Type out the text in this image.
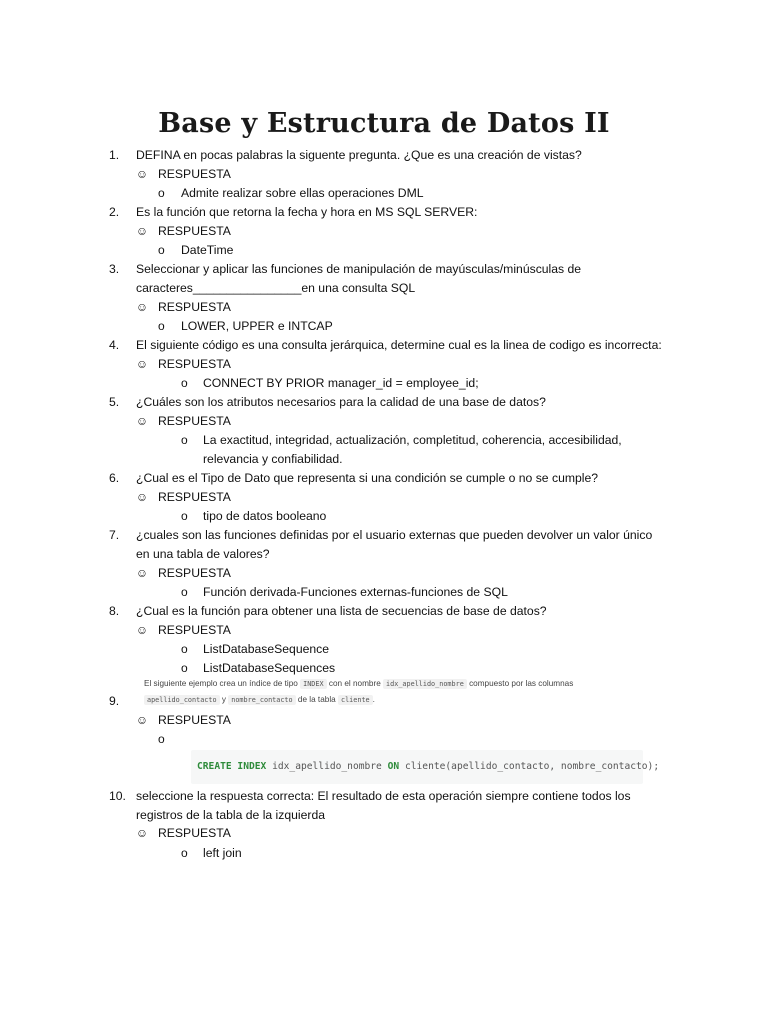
Base y Estructura de Datos II
1.	DEFINA en pocas palabras la siguente pregunta. ¿Que es una creación de vistas?
☺ RESPUESTA
o Admite realizar sobre ellas operaciones DML
2.	Es la función que retorna la fecha y hora en MS SQL SERVER:
☺ RESPUESTA
o DateTime
3.	Seleccionar y aplicar las funciones de manipulación de mayúsculas/minúsculas de
caracteres________________en una consulta SQL
☺ RESPUESTA
o LOWER, UPPER e INTCAP
4.	El siguiente código es una consulta jerárquica, determine cual es la linea de codigo es incorrecta:
☺ RESPUESTA
o CONNECT BY PRIOR manager_id = employee_id;
5.	¿Cuáles son los atributos necesarios para la calidad de una base de datos?
☺ RESPUESTA
o La exactitud, integridad, actualización, completitud, coherencia, accesibilidad,
relevancia y confiabilidad.
6.	¿Cual es el Tipo de Dato que representa si una condición se cumple o no se cumple?
☺ RESPUESTA
o tipo de datos booleano
7.	¿cuales son las funciones definidas por el usuario externas que pueden devolver un valor único
en una tabla de valores?
☺ RESPUESTA
o Función derivada-Funciones externas-funciones de SQL
8.	¿Cual es la función para obtener una lista de secuencias de base de datos?
☺ RESPUESTA
o ListDatabaseSequence
o ListDatabaseSequences
El siguiente ejemplo crea un índice de tipo INDEX con el nombre idx_apellido_nombre compuesto por las columnas
apellido_contacto y nombre_contacto de la tabla cliente .
9.
☺ RESPUESTA
o
CREATE INDEX idx_apellido_nombre ON cliente(apellido_contacto, nombre_contacto);
10. seleccione la respuesta correcta: El resultado de esta operación siempre contiene todos los
registros de la tabla de la izquierda
☺ RESPUESTA
o left join
